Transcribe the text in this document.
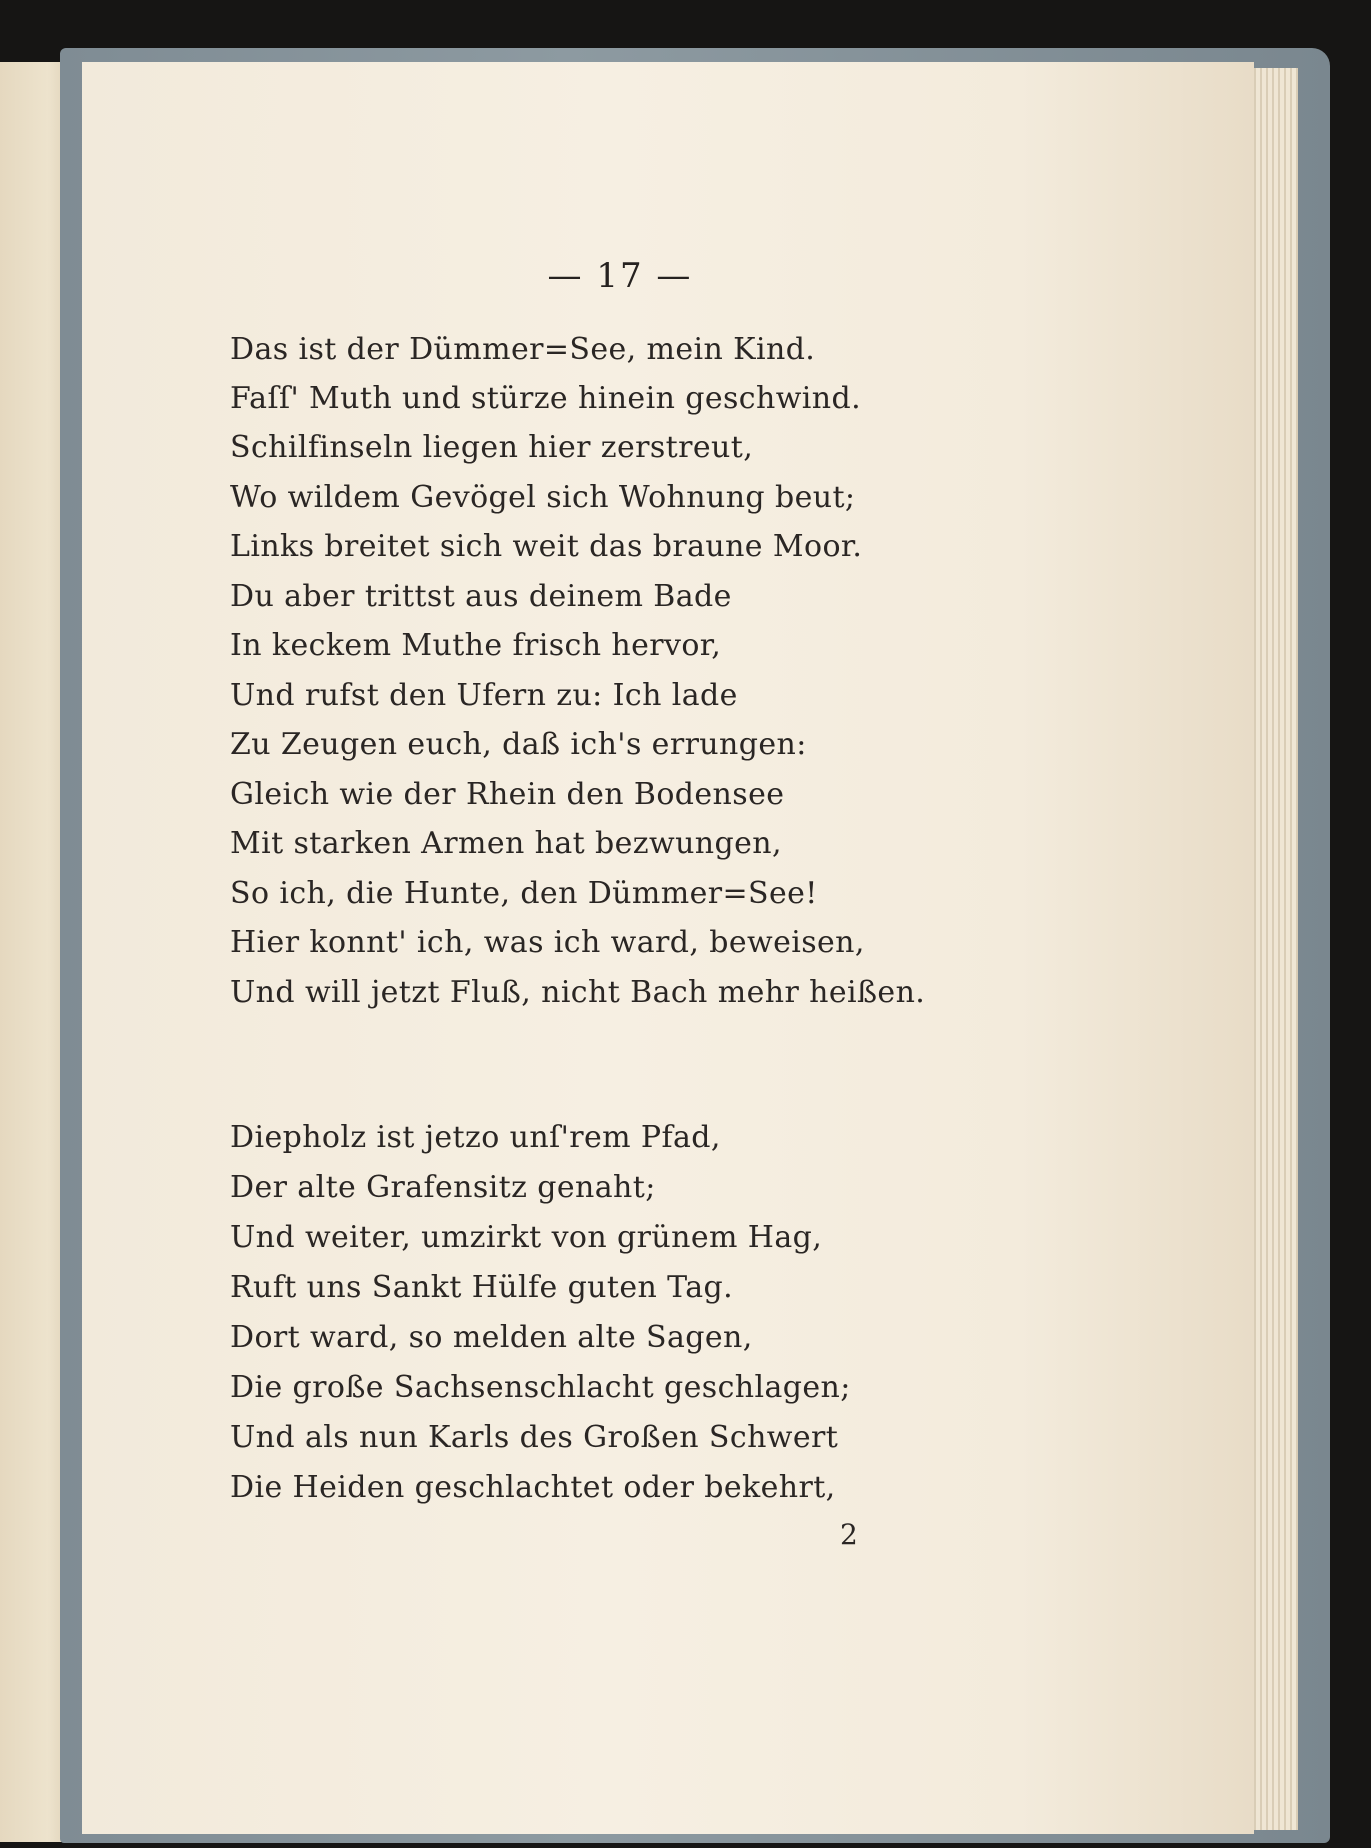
— 17 —
Das ist der Dümmer=See, mein Kind.
Faſſ' Muth und stürze hinein geschwind.
Schilfinseln liegen hier zerstreut,
Wo wildem Gevögel sich Wohnung beut;
Links breitet sich weit das braune Moor.
Du aber trittst aus deinem Bade
In keckem Muthe frisch hervor,
Und rufst den Ufern zu: Ich lade
Zu Zeugen euch, daß ich's errungen:
Gleich wie der Rhein den Bodensee
Mit starken Armen hat bezwungen,
So ich, die Hunte, den Dümmer=See!
Hier konnt' ich, was ich ward, beweisen,
Und will jetzt Fluß, nicht Bach mehr heißen.
Diepholz ist jetzo unſ'rem Pfad,
Der alte Grafensitz genaht;
Und weiter, umzirkt von grünem Hag,
Ruft uns Sankt Hülfe guten Tag.
Dort ward, so melden alte Sagen,
Die große Sachsenschlacht geschlagen;
Und als nun Karls des Großen Schwert
Die Heiden geschlachtet oder bekehrt,
2
